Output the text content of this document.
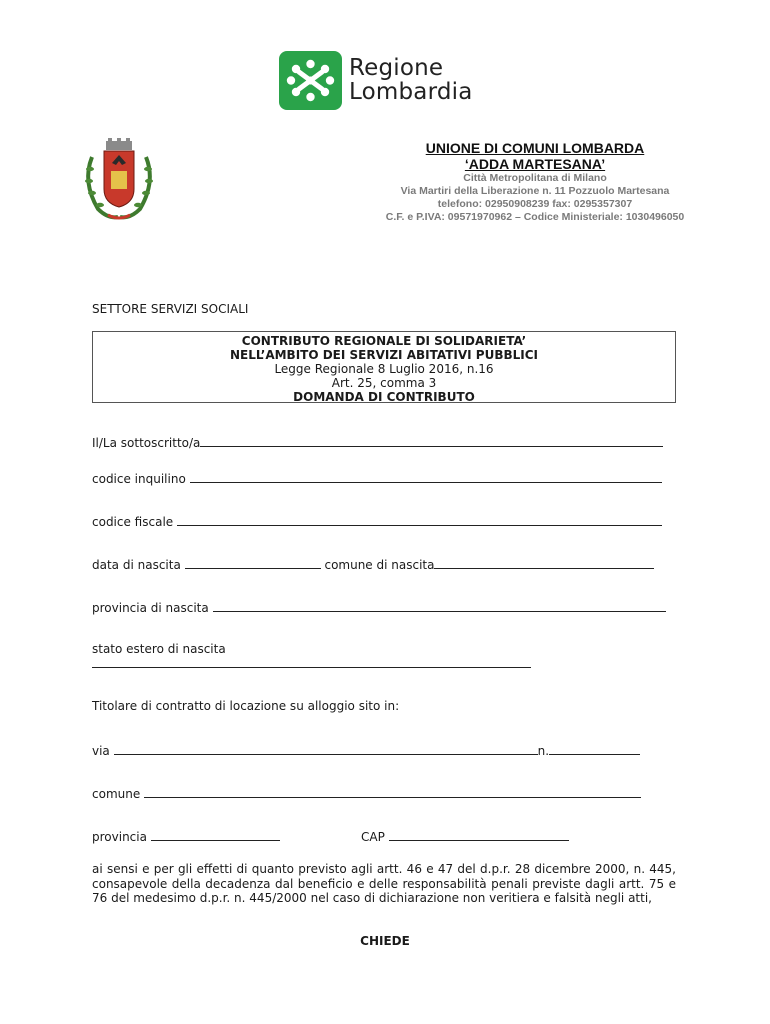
Regione
Lombardia
UNIONE DI COMUNI LOMBARDA
‘ADDA MARTESANA’
Città Metropolitana di Milano
Via Martiri della Liberazione n. 11 Pozzuolo Martesana
telefono: 02950908239 fax: 0295357307
C.F. e P.IVA: 09571970962 – Codice Ministeriale: 1030496050
SETTORE SERVIZI SOCIALI
CONTRIBUTO REGIONALE DI SOLIDARIETA’
NELL’AMBITO DEI SERVIZI ABITATIVI PUBBLICI
Legge Regionale 8 Luglio 2016, n.16
Art. 25, comma 3
DOMANDA DI CONTRIBUTO
Il/La sottoscritto/a
codice inquilino
codice fiscale
data di nascita	comune di nascita
provincia di nascita
stato estero di nascita
Titolare di contratto di locazione su alloggio sito in:
via	n.
comune
provincia	CAP
ai sensi e per gli effetti di quanto previsto agli artt. 46 e 47 del d.p.r. 28 dicembre 2000, n. 445, consapevole della decadenza dal beneficio e delle responsabilità penali previste dagli artt. 75 e 76 del medesimo d.p.r. n. 445/2000 nel caso di dichiarazione non veritiera e falsità negli atti,
CHIEDE
